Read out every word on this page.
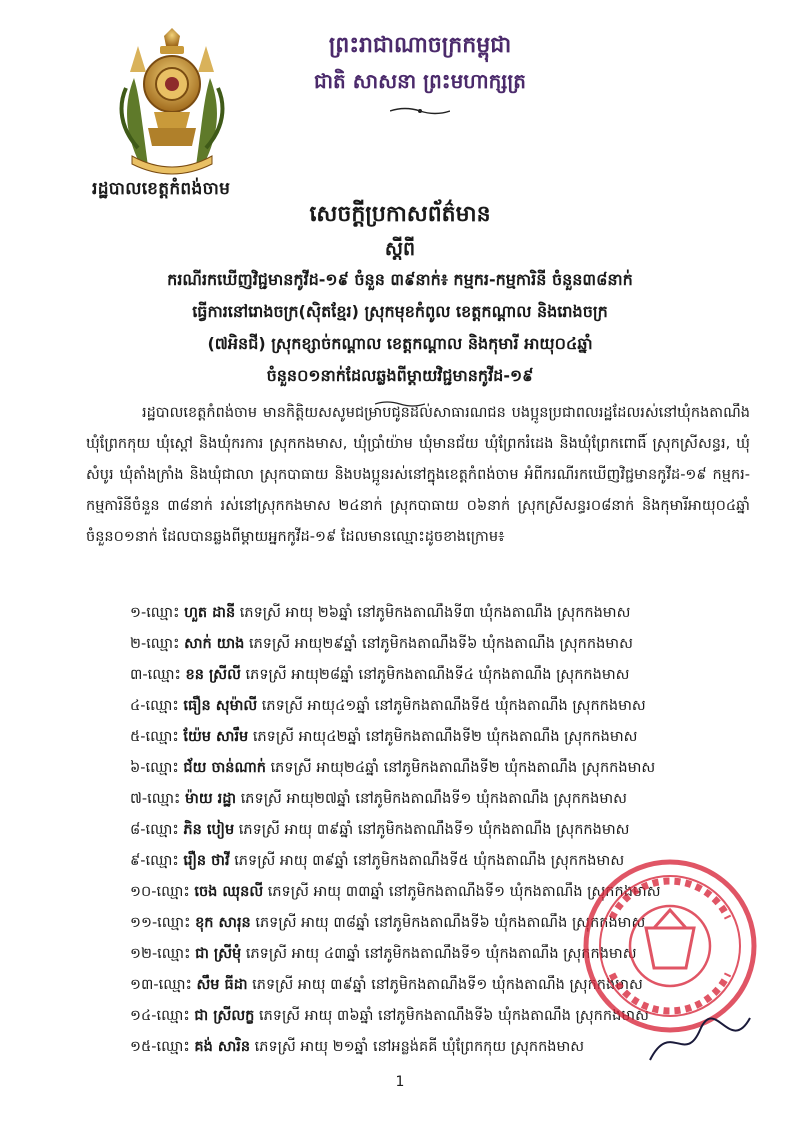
រដ្ឋបាលខេត្តកំពង់ចាម
ព្រះរាជាណាចក្រកម្ពុជា
ជាតិ សាសនា ព្រះមហាក្សត្រ
សេចក្តីប្រកាសព័ត៌មាន
ស្តីពី
ករណីរកឃើញវិជ្ជមានកូវីដ-១៩ ចំនួន ៣៩នាក់៖ កម្មករ-កម្មការិនី ចំនួន៣៨នាក់
ធ្វើការនៅរោងចក្រ(ស៊ិតខ្មែរ) ស្រុកមុខកំពូល ខេត្តកណ្តាល និងរោងចក្រ
(៧អិនជី) ស្រុកខ្សាច់កណ្តាល ខេត្តកណ្តាល និងកុមារី អាយុ០៤ឆ្នាំ
ចំនួន០១នាក់ដែលឆ្លងពីម្តាយវិជ្ជមានកូវីដ-១៩
រដ្ឋបាលខេត្តកំពង់ចាម មានកិត្តិយសសូមជម្រាបជូនដល់សាធារណជន បងប្អូនប្រជាពលរដ្ឋដែលរស់នៅឃុំកងតាណឹង ឃុំព្រែកកុយ ឃុំស្តៅ និងឃុំករការ ស្រុកកងមាស, ឃុំប្រាំយ៉ាម ឃុំមានជ័យ ឃុំព្រែករំដេង និងឃុំព្រែកពោធិ៍ ស្រុកស្រីសន្ធរ, ឃុំសំបូរ ឃុំតាំងក្រាំង និងឃុំជាលា ស្រុកបាធាយ និងបងប្អូនរស់នៅក្នុងខេត្តកំពង់ចាម អំពីករណីរកឃើញវិជ្ជមានកូវីដ-១៩ កម្មករ-កម្មការិនីចំនួន ៣៨នាក់ រស់នៅស្រុកកងមាស ២៤នាក់ ស្រុកបាធាយ ០៦នាក់ ស្រុកស្រីសន្ធរ០៨នាក់ និងកុមារីអាយុ០៤ឆ្នាំ ចំនួន០១នាក់ ដែលបានឆ្លងពីម្តាយអ្នកកូវីដ-១៩ ដែលមានឈ្មោះដូចខាងក្រោម៖
១-ឈ្មោះ ហួត ដានី ភេទស្រី អាយុ ២៦ឆ្នាំ នៅភូមិកងតាណឹងទី៣ ឃុំកងតាណឹង ស្រុកកងមាស
២-ឈ្មោះ សាក់ យាង ភេទស្រី អាយុ២៩ឆ្នាំ នៅភូមិកងតាណឹងទី៦ ឃុំកងតាណឹង ស្រុកកងមាស
៣-ឈ្មោះ ខន ស្រីលី ភេទស្រី អាយុ២៨ឆ្នាំ នៅភូមិកងតាណឹងទី៤ ឃុំកងតាណឹង ស្រុកកងមាស
៤-ឈ្មោះ ធឿន សុម៉ាលី ភេទស្រី អាយុ៤១ឆ្នាំ នៅភូមិកងតាណឹងទី៥ ឃុំកងតាណឹង ស្រុកកងមាស
៥-ឈ្មោះ យ៉ែម សារឹម ភេទស្រី អាយុ៤២ឆ្នាំ នៅភូមិកងតាណឹងទី២ ឃុំកងតាណឹង ស្រុកកងមាស
៦-ឈ្មោះ ជ័យ ចាន់ណាក់ ភេទស្រី អាយុ២៤ឆ្នាំ នៅភូមិកងតាណឹងទី២ ឃុំកងតាណឹង ស្រុកកងមាស
៧-ឈ្មោះ ម៉ាយ រដ្ឋា ភេទស្រី អាយុ២៧ឆ្នាំ នៅភូមិកងតាណឹងទី១ ឃុំកងតាណឹង ស្រុកកងមាស
៨-ឈ្មោះ ភិន បៀម ភេទស្រី អាយុ ៣៩ឆ្នាំ នៅភូមិកងតាណឹងទី១ ឃុំកងតាណឹង ស្រុកកងមាស
៩-ឈ្មោះ រឿន ថាវី ភេទស្រី អាយុ ៣៩ឆ្នាំ នៅភូមិកងតាណឹងទី៥ ឃុំកងតាណឹង ស្រុកកងមាស
១០-ឈ្មោះ ចេង ឈុនលី ភេទស្រី អាយុ ៣៣ឆ្នាំ នៅភូមិកងតាណឹងទី១ ឃុំកងតាណឹង ស្រុកកងមាស
១១-ឈ្មោះ ខុក សារុន ភេទស្រី អាយុ ៣៨ឆ្នាំ នៅភូមិកងតាណឹងទី៦ ឃុំកងតាណឹង ស្រុកកងមាស
១២-ឈ្មោះ ជា ស្រីមុំ ភេទស្រី អាយុ ៤៣ឆ្នាំ នៅភូមិកងតាណឹងទី១ ឃុំកងតាណឹង ស្រុកកងមាស
១៣-ឈ្មោះ សឹម ធីដា ភេទស្រី អាយុ ៣៩ឆ្នាំ នៅភូមិកងតាណឹងទី១ ឃុំកងតាណឹង ស្រុកកងមាស
១៤-ឈ្មោះ ជា ស្រីលក្ខ ភេទស្រី អាយុ ៣៦ឆ្នាំ នៅភូមិកងតាណឹងទី៦ ឃុំកងតាណឹង ស្រុកកងមាស
១៥-ឈ្មោះ គង់ សារិន ភេទស្រី អាយុ ២១ឆ្នាំ នៅអន្លង់គគី ឃុំព្រែកកុយ ស្រុកកងមាស
1
